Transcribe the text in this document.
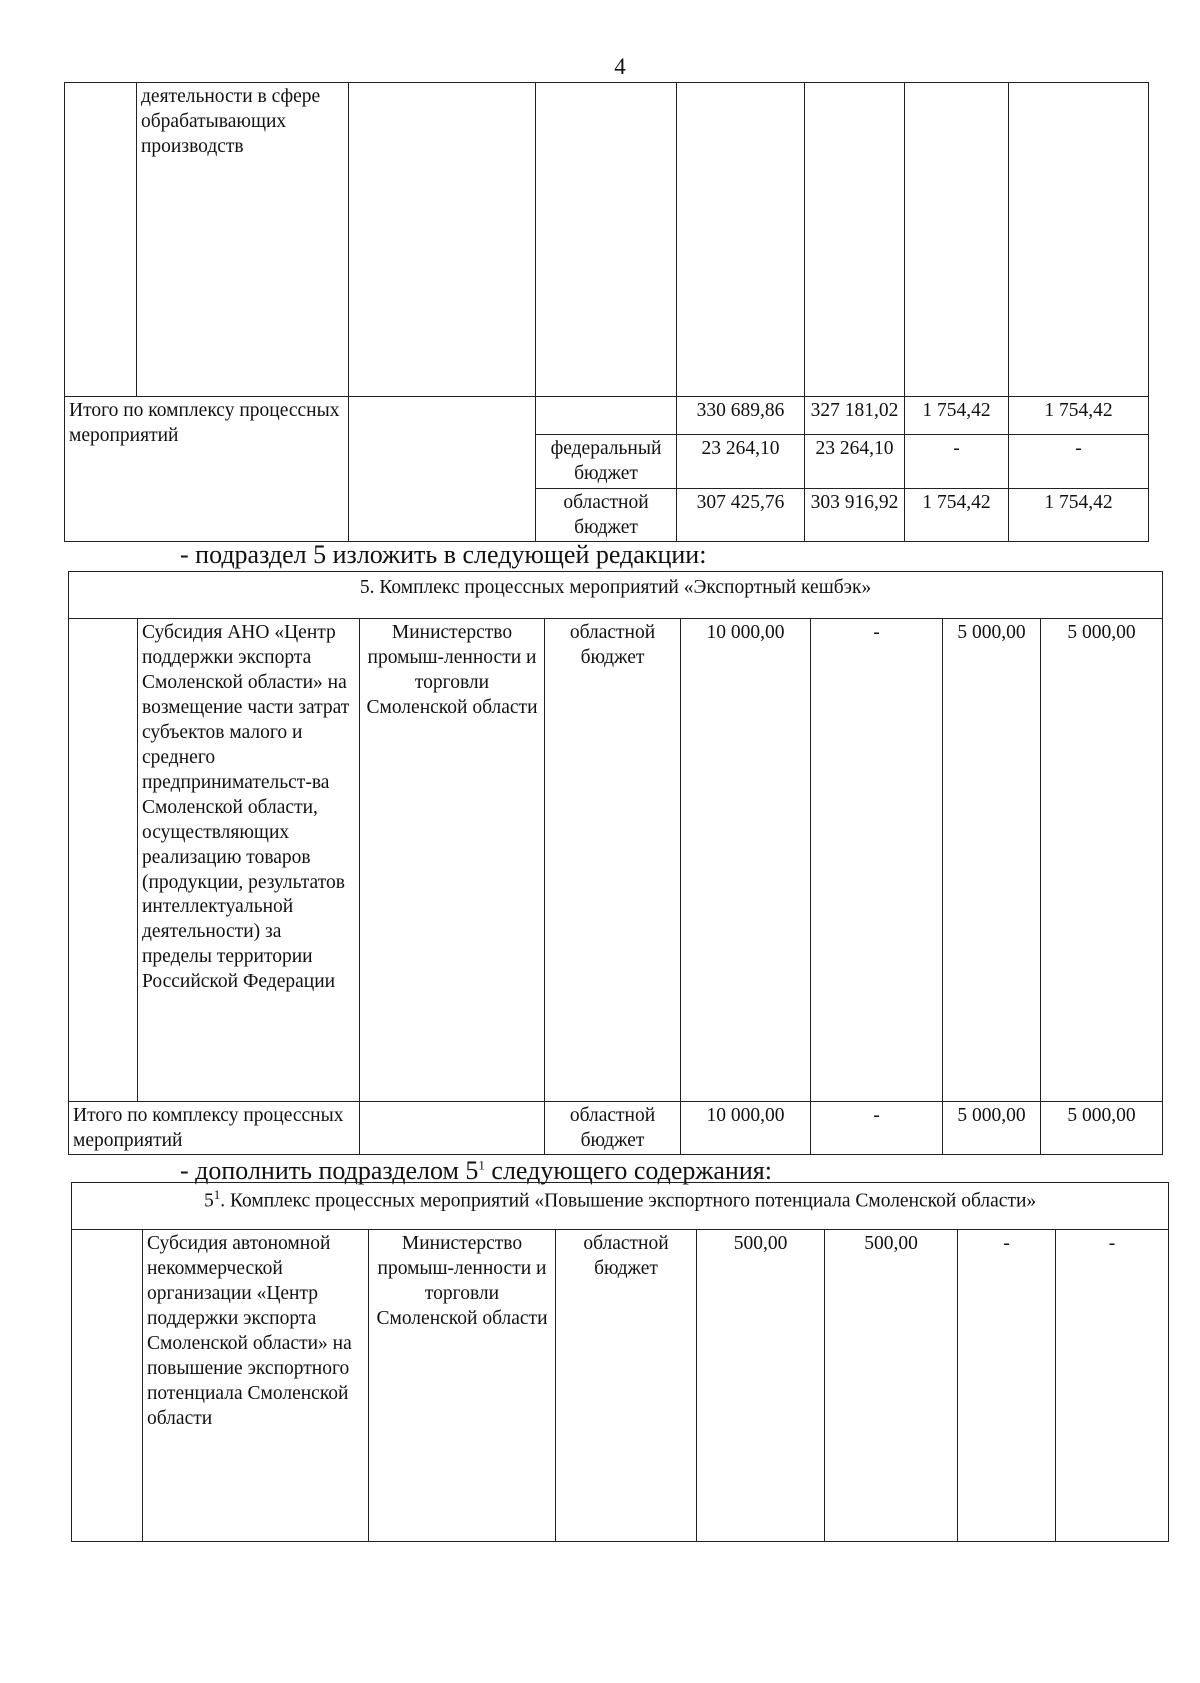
4
	деятельности в сфере обрабатывающих производств						
Итого по комплексу процессных мероприятий				330 689,86	327 181,02	1 754,42	1 754,42
			федеральный бюджет	23 264,10	23 264,10	-	-
			областной бюджет	307 425,76	303 916,92	1 754,42	1 754,42
- подраздел 5 изложить в следующей редакции:
5. Комплекс процессных мероприятий «Экспортный кешбэк»							
	Субсидия АНО «Центр поддержки экспорта Смоленской области» на возмещение части затрат субъектов малого и среднего предпринимательст-ва Смоленской области, осуществляющих реализацию товаров (продукции, результатов интеллектуальной деятельности) за пределы территории Российской Федерации	Министерство промыш-ленности и торговли Смоленской области	областной бюджет	10 000,00	-	5 000,00	5 000,00
Итого по комплексу процессных мероприятий			областной бюджет	10 000,00	-	5 000,00	5 000,00
- дополнить подразделом $5^1$ следующего содержания:
$5^1$. Комплекс процессных мероприятий «Повышение экспортного потенциала Смоленской области»
	Субсидия автономной некоммерческой организации «Центр поддержки экспорта Смоленской области» на повышение экспортного потенциала Смоленской области	Министерство промыш-ленности и торговли Смоленской области	областной бюджет	500,00	500,00	-	-
